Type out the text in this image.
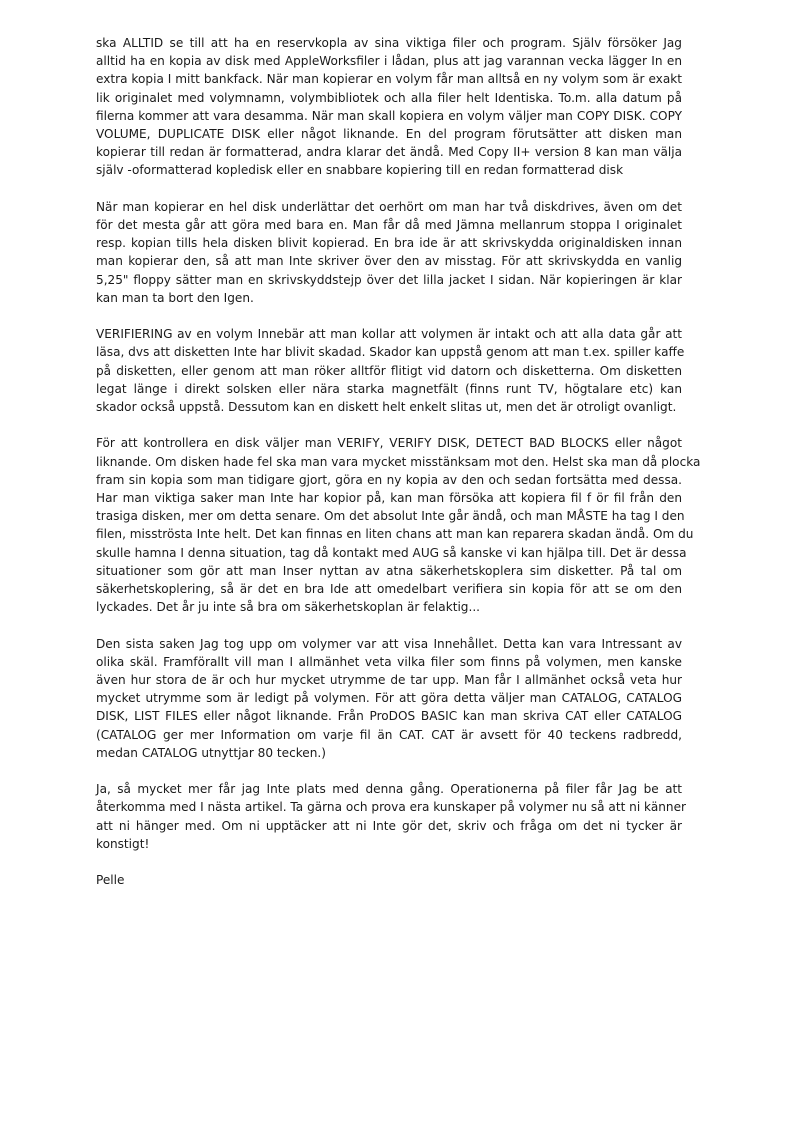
ska ALLTID se till att ha en reservkopla av sina viktiga filer och program. Själv försöker Jag
alltid ha en kopia av disk med AppleWorksfiler i lådan, plus att jag varannan vecka lägger In en
extra kopia I mitt bankfack. När man kopierar en volym får man alltså en ny volym som är exakt
lik originalet med volymnamn, volymbibliotek och alla filer helt Identiska. To.m. alla datum på
filerna kommer att vara desamma. När man skall kopiera en volym väljer man COPY DISK. COPY
VOLUME, DUPLICATE DISK eller något liknande. En del program förutsätter att disken man
kopierar till redan är formatterad, andra klarar det ändå. Med Copy II+ version 8 kan man välja
själv -oformatterad kopledisk eller en snabbare kopiering till en redan formatterad disk

När man kopierar en hel disk underlättar det oerhört om man har två diskdrives, även om det
för det mesta går att göra med bara en. Man får då med Jämna mellanrum stoppa I originalet
resp. kopian tills hela disken blivit kopierad. En bra ide är att skrivskydda originaldisken innan
man kopierar den, så att man Inte skriver över den av misstag. För att skrivskydda en vanlig
5,25" floppy sätter man en skrivskyddstejp över det lilla jacket I sidan. När kopieringen är klar
kan man ta bort den Igen.

VERIFIERING av en volym Innebär att man kollar att volymen är intakt och att alla data går att
läsa, dvs att disketten Inte har blivit skadad. Skador kan uppstå genom att man t.ex. spiller kaffe
på disketten, eller genom att man röker alltför flitigt vid datorn och disketterna. Om disketten
legat länge i direkt solsken eller nära starka magnetfält (finns runt TV, högtalare etc) kan
skador också uppstå. Dessutom kan en diskett helt enkelt slitas ut, men det är otroligt ovanligt.

För att kontrollera en disk väljer man VERIFY, VERIFY DISK, DETECT BAD BLOCKS eller något
liknande. Om disken hade fel ska man vara mycket misstänksam mot den. Helst ska man då plocka
fram sin kopia som man tidigare gjort, göra en ny kopia av den och sedan fortsätta med dessa.
Har man viktiga saker man Inte har kopior på, kan man försöka att kopiera fil f ör fil från den
trasiga disken, mer om detta senare. Om det absolut Inte går ändå, och man MÅSTE ha tag I den
filen, misströsta Inte helt. Det kan finnas en liten chans att man kan reparera skadan ändå. Om du
skulle hamna I denna situation, tag då kontakt med AUG så kanske vi kan hjälpa till. Det är dessa
situationer som gör att man Inser nyttan av atna säkerhetskoplera sim disketter. På tal om
säkerhetskoplering, så är det en bra Ide att omedelbart verifiera sin kopia för att se om den
lyckades. Det år ju inte så bra om säkerhetskoplan är felaktig...

Den sista saken Jag tog upp om volymer var att visa Innehållet. Detta kan vara Intressant av
olika skäl. Framförallt vill man I allmänhet veta vilka filer som finns på volymen, men kanske
även hur stora de är och hur mycket utrymme de tar upp. Man får I allmänhet också veta hur
mycket utrymme som är ledigt på volymen. För att göra detta väljer man CATALOG, CATALOG
DISK, LIST FILES eller något liknande. Från ProDOS BASIC kan man skriva CAT eller CATALOG
(CATALOG ger mer Information om varje fil än CAT. CAT är avsett för 40 teckens radbredd,
medan CATALOG utnyttjar 80 tecken.)

Ja, så mycket mer får jag Inte plats med denna gång. Operationerna på filer får Jag be att
återkomma med I nästa artikel. Ta gärna och prova era kunskaper på volymer nu så att ni känner
att ni hänger med. Om ni upptäcker att ni Inte gör det, skriv och fråga om det ni tycker är
konstigt!

Pelle
